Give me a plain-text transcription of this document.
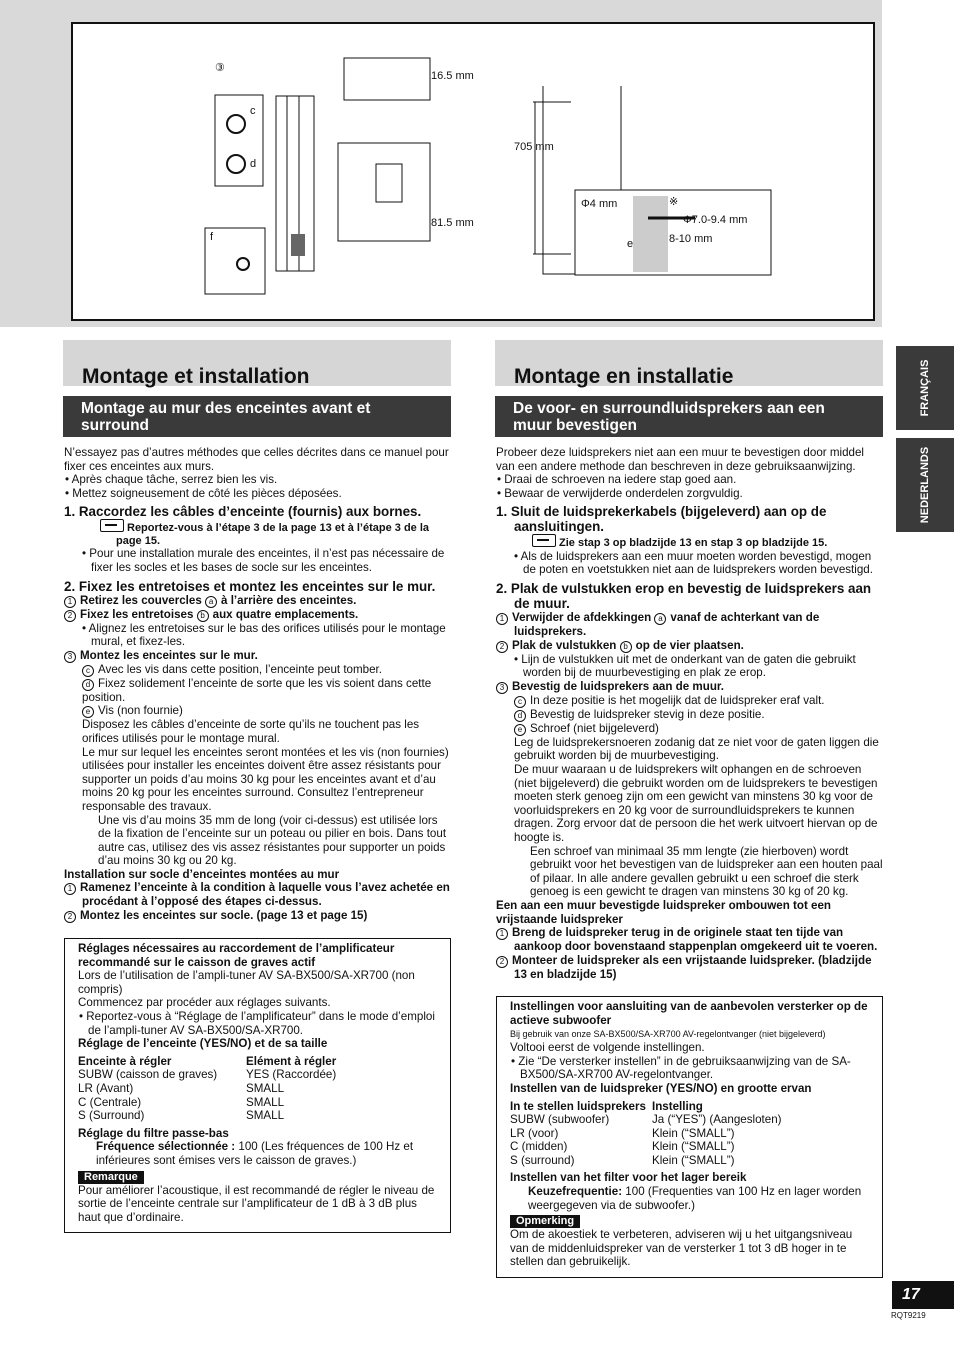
③
c
d
f
16.5 mm
81.5 mm
705 mm
Φ4 mm	※
Φ7.0-9.4 mm
e	8-10 mm
Montage et installation
Montage au mur des enceintes avant et surround

N’essayez pas d’autres méthodes que celles décrites dans ce manuel pour fixer ces enceintes aux murs.

• Après chaque tâche, serrez bien les vis.

• Mettez soigneusement de côté les pièces déposées.

1. Raccordez les câbles d’enceinte (fournis) aux bornes.

Reportez-vous à l’étape 3 de la page 13 et à l’étape 3 de la page 15.

• Pour une installation murale des enceintes, il n’est pas nécessaire de fixer les socles et les bases de socle sur les enceintes.

2. Fixez les entretoises et montez les enceintes sur le mur.

1 Retirez les couvercles a à l’arrière des enceintes.

2 Fixez les entretoises b aux quatre emplacements.

• Alignez les entretoises sur le bas des orifices utilisés pour le montage mural, et fixez-les.

3 Montez les enceintes sur le mur.

c Avec les vis dans cette position, l’enceinte peut tomber.

d Fixez solidement l’enceinte de sorte que les vis soient dans cette position.

e Vis (non fournie)

Disposez les câbles d’enceinte de sorte qu’ils ne touchent pas les orifices utilisés pour le montage mural.

Le mur sur lequel les enceintes seront montées et les vis (non fournies) utilisées pour installer les enceintes doivent être assez résistants pour supporter un poids d’au moins 30 kg pour les enceintes avant et d’au moins 20 kg pour les enceintes surround. Consultez l’entrepreneur responsable des travaux.

Une vis d’au moins 35 mm de long (voir ci-dessus) est utilisée lors de la fixation de l’enceinte sur un poteau ou pilier en bois. Dans tout autre cas, utilisez des vis assez résistantes pour supporter un poids d’au moins 30 kg ou 20 kg.

Installation sur socle d’enceintes montées au mur

1 Ramenez l’enceinte à la condition à laquelle vous l’avez achetée en procédant à l’opposé des étapes ci-dessus.

2 Montez les enceintes sur socle. (page 13 et page 15)

Réglages nécessaires au raccordement de l’amplificateur recommandé sur le caisson de graves actif

Lors de l’utilisation de l’ampli-tuner AV SA-BX500/SA-XR700 (non compris)

Commencez par procéder aux réglages suivants.

• Reportez-vous à “Réglage de l’amplificateur” dans le mode d’emploi de l’ampli-tuner AV SA-BX500/SA-XR700.

Réglage de l’enceinte (YES/NO) et de sa taille

Enceinte à régler	Elément à régler
SUBW (caisson de graves)	YES (Raccordée)
LR (Avant)	SMALL
C (Centrale)	SMALL
S (Surround)	SMALL

Réglage du filtre passe-bas

Fréquence sélectionnée : 100 (Les fréquences de 100 Hz et inférieures sont émises vers le caisson de graves.)

Remarque

Pour améliorer l’acoustique, il est recommandé de régler le niveau de sortie de l’enceinte centrale sur l’amplificateur de 1 dB à 3 dB plus haut que d’ordinaire.

Montage en installatie
De voor- en surroundluidsprekers aan een muur bevestigen

Probeer deze luidsprekers niet aan een muur te bevestigen door middel van een andere methode dan beschreven in deze gebruiksaanwijzing.

• Draai de schroeven na iedere stap goed aan.

• Bewaar de verwijderde onderdelen zorgvuldig.

1. Sluit de luidsprekerkabels (bijgeleverd) aan op de aansluitingen.

Zie stap 3 op bladzijde 13 en stap 3 op bladzijde 15.

• Als de luidsprekers aan een muur moeten worden bevestigd, mogen de poten en voetstukken niet aan de luidsprekers worden bevestigd.

2. Plak de vulstukken erop en bevestig de luidsprekers aan de muur.

1 Verwijder de afdekkingen a vanaf de achterkant van de luidsprekers.

2 Plak de vulstukken b op de vier plaatsen.

• Lijn de vulstukken uit met de onderkant van de gaten die gebruikt worden bij de muurbevestiging en plak ze erop.

3 Bevestig de luidsprekers aan de muur.

c In deze positie is het mogelijk dat de luidspreker eraf valt.

d Bevestig de luidspreker stevig in deze positie.

e Schroef (niet bijgeleverd)

Leg de luidsprekersnoeren zodanig dat ze niet voor de gaten liggen die gebruikt worden bij de muurbevestiging.

De muur waaraan u de luidsprekers wilt ophangen en de schroeven (niet bijgeleverd) die gebruikt worden om de luidsprekers te bevestigen moeten sterk genoeg zijn om een gewicht van minstens 30 kg voor de voorluidsprekers en 20 kg voor de surroundluidsprekers te kunnen dragen. Zorg ervoor dat de persoon die het werk uitvoert hiervan op de hoogte is.

Een schroef van minimaal 35 mm lengte (zie hierboven) wordt gebruikt voor het bevestigen van de luidspreker aan een houten paal of pilaar. In alle andere gevallen gebruikt u een schroef die sterk genoeg is een gewicht te dragen van minstens 30 kg of 20 kg.

Een aan een muur bevestigde luidspreker ombouwen tot een vrijstaande luidspreker

1 Breng de luidspreker terug in de originele staat ten tijde van aankoop door bovenstaand stappenplan omgekeerd uit te voeren.

2 Monteer de luidspreker als een vrijstaande luidspreker. (bladzijde 13 en bladzijde 15)

Instellingen voor aansluiting van de aanbevolen versterker op de actieve subwoofer

Bij gebruik van onze SA-BX500/SA-XR700 AV-regelontvanger (niet bijgeleverd)

Voltooi eerst de volgende instellingen.

• Zie “De versterker instellen” in de gebruiksaanwijzing van de SA-BX500/SA-XR700 AV-regelontvanger.

Instellen van de luidspreker (YES/NO) en grootte ervan

In te stellen luidsprekers Instelling
SUBW (subwoofer)	Ja (“YES”) (Aangesloten)
LR (voor)	Klein (“SMALL”)
C (midden)	Klein (“SMALL”)
S (surround)	Klein (“SMALL”)

Instellen van het filter voor het lager bereik

Keuzefrequentie: 100 (Frequenties van 100 Hz en lager worden weergegeven via de subwoofer.)

Opmerking

Om de akoestiek te verbeteren, adviseren wij u het uitgangsniveau van de middenluidspreker van de versterker 1 tot 3 dB hoger in te stellen dan gebruikelijk.

FRANÇAIS
NEDERLANDS
17
RQT9219
